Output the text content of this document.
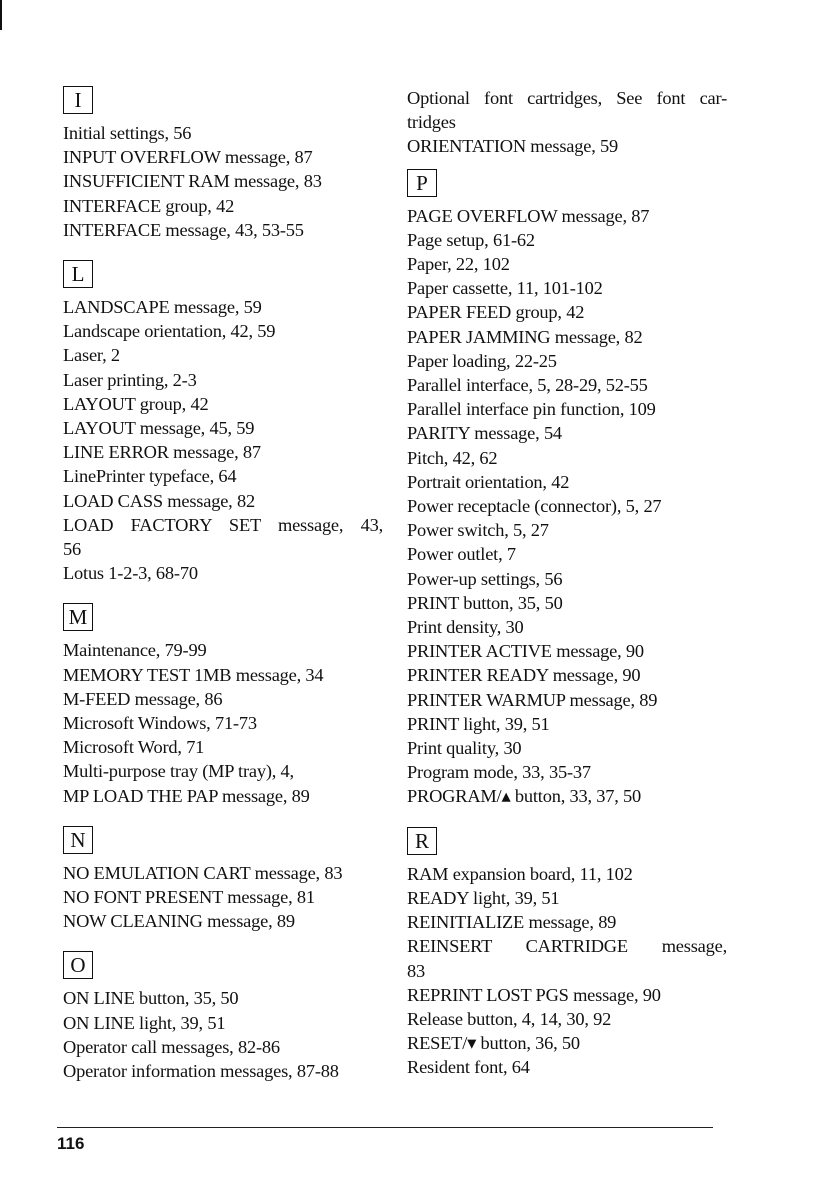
I
Initial settings, 56
INPUT OVERFLOW message, 87
INSUFFICIENT RAM message, 83
INTERFACE group, 42
INTERFACE message, 43, 53-55
L
LANDSCAPE message, 59
Landscape orientation, 42, 59
Laser, 2
Laser printing, 2-3
LAYOUT group, 42
LAYOUT message, 45, 59
LINE ERROR message, 87
LinePrinter typeface, 64
LOAD CASS message, 82
LOAD FACTORY SET message, 43,
56
Lotus 1-2-3, 68-70
M
Maintenance, 79-99
MEMORY TEST 1MB message, 34
M-FEED message, 86
Microsoft Windows, 71-73
Microsoft Word, 71
Multi-purpose tray (MP tray), 4,
MP LOAD THE PAP message, 89
N
NO EMULATION CART message, 83
NO FONT PRESENT message, 81
NOW CLEANING message, 89
O
ON LINE button, 35, 50
ON LINE light, 39, 51
Operator call messages, 82-86
Operator information messages, 87-88
Optional font cartridges, See font car-
tridges
ORIENTATION message, 59
P
PAGE OVERFLOW message, 87
Page setup, 61-62
Paper, 22, 102
Paper cassette, 11, 101-102
PAPER FEED group, 42
PAPER JAMMING message, 82
Paper loading, 22-25
Parallel interface, 5, 28-29, 52-55
Parallel interface pin function, 109
PARITY message, 54
Pitch, 42, 62
Portrait orientation, 42
Power receptacle (connector), 5, 27
Power switch, 5, 27
Power outlet, 7
Power-up settings, 56
PRINT button, 35, 50
Print density, 30
PRINTER ACTIVE message, 90
PRINTER READY message, 90
PRINTER WARMUP message, 89
PRINT light, 39, 51
Print quality, 30
Program mode, 33, 35-37
PROGRAM/▴ button, 33, 37, 50
R
RAM expansion board, 11, 102
READY light, 39, 51
REINITIALIZE message, 89
REINSERT CARTRIDGE message,
83
REPRINT LOST PGS message, 90
Release button, 4, 14, 30, 92
RESET/▾ button, 36, 50
Resident font, 64
116
